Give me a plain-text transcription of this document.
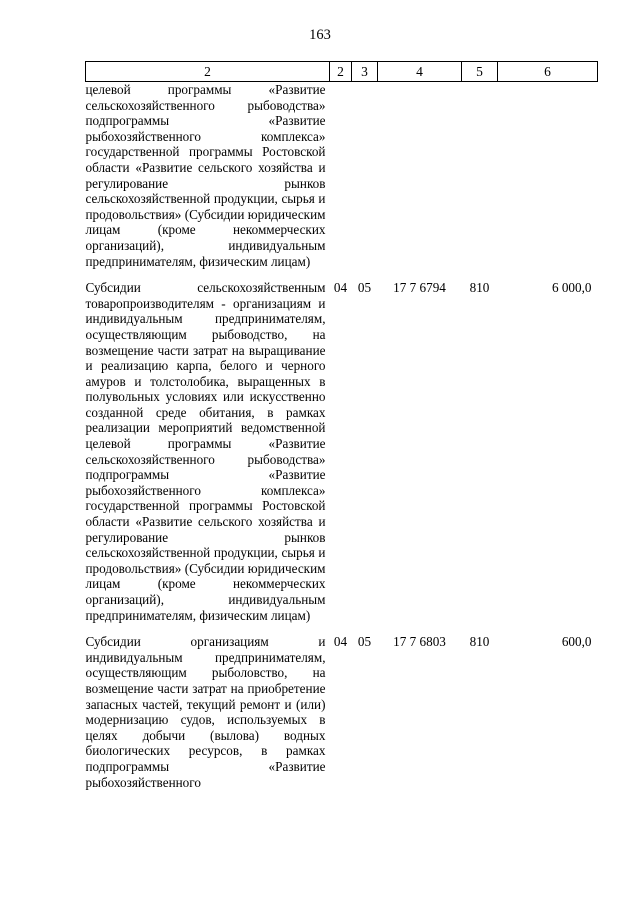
163
2	2	3	4	5	6
целевой программы «Развитие сельскохозяйственного рыбоводства» подпрограммы «Развитие рыбохозяйственного комплекса» государственной программы Ростовской области «Развитие сельского хозяйства и регулирование рынков сельскохозяйственной продукции, сырья и продовольствия» (Субсидии юридическим лицам (кроме некоммерческих организаций), индивидуальным предпринимателям, физическим лицам)					

Субсидии сельскохозяйственным товаропроизводителям - организациям и индивидуальным предпринимателям, осуществляющим рыбоводство, на возмещение части затрат на выращивание и реализацию карпа, белого и черного амуров и толстолобика, выращенных в полувольных условиях или искусственно созданной среде обитания, в рамках реализации мероприятий ведомственной целевой программы «Развитие сельскохозяйственного рыбоводства» подпрограммы «Развитие рыбохозяйственного комплекса» государственной программы Ростовской области «Развитие сельского хозяйства и регулирование рынков сельскохозяйственной продукции, сырья и продовольствия» (Субсидии юридическим лицам (кроме некоммерческих организаций), индивидуальным предпринимателям, физическим лицам)	04	05	17 7 6794	810	6 000,0

Субсидии организациям и индивидуальным предпринимателям, осуществляющим рыболовство, на возмещение части затрат на приобретение запасных частей, текущий ремонт и (или) модернизацию судов, используемых в целях добычи (вылова) водных биологических ресурсов, в рамках подпрограммы «Развитие рыбохозяйственного	04	05	17 7 6803	810	600,0
